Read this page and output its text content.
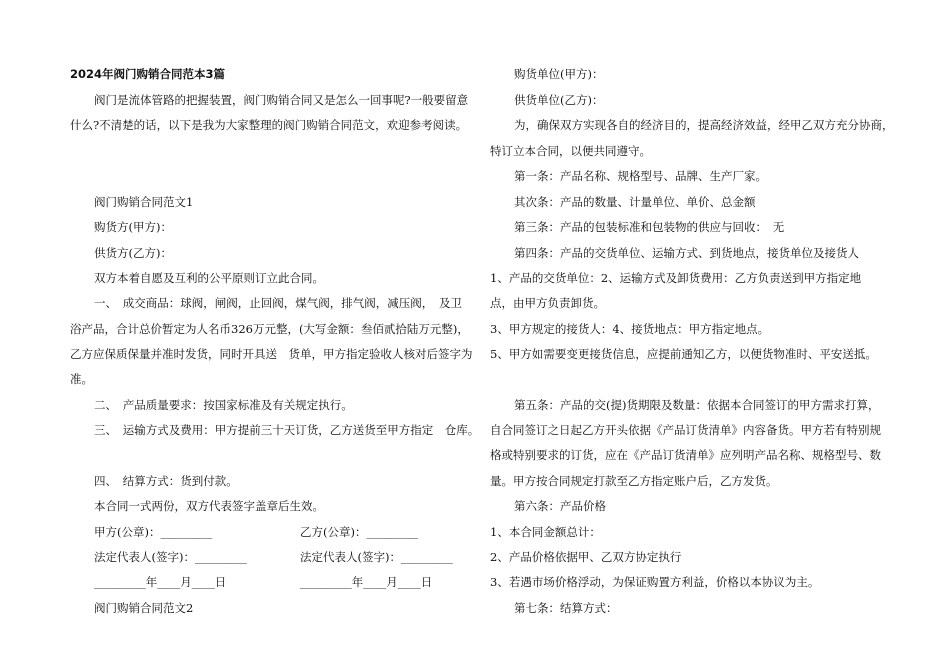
2024年阀门购销合同范本3篇
阀门是流体管路的把握装置，阀门购销合同又是怎么一回事呢?一般要留意
什么?不清楚的话，以下是我为大家整理的阀门购销合同范文，欢迎参考阅读。
阀门购销合同范文1
购货方(甲方)：
供货方(乙方)：
双方本着自愿及互利的公平原则订立此合同。
一、　成交商品：球阀，闸阀，止回阀，煤气阀，排气阀，减压阀，　及卫
浴产品，合计总价暂定为人名币326万元整，(大写金额：叁佰贰拾陆万元整)，
乙方应保质保量并准时发货，同时开具送　货单，甲方指定验收人核对后签字为
准。
二、　产品质量要求：按国家标准及有关规定执行。
三、　运输方式及费用：甲方提前三十天订货，乙方送货至甲方指定　仓库。
四、　结算方式：货到付款。
本合同一式两份，双方代表签字盖章后生效。
甲方(公章)：_________	乙方(公章)：_________
法定代表人(签字)：_________	法定代表人(签字)：_________
_________年____月____日	_________年____月____日
阀门购销合同范文2
购货单位(甲方)：
供货单位(乙方)：
为，确保双方实现各自的经济目的，提高经济效益，经甲乙双方充分协商，
特订立本合同，以便共同遵守。
第一条：产品名称、规格型号、品牌、生产厂家。
其次条：产品的数量、计量单位、单价、总金额
第三条：产品的包装标准和包装物的供应与回收：　无
第四条：产品的交货单位、运输方式、到货地点，接货单位及接货人
1、产品的交货单位：2、运输方式及卸货费用：乙方负责送到甲方指定地
点，由甲方负责卸货。
3、甲方规定的接货人：4、接货地点：甲方指定地点。
5、甲方如需要变更接货信息，应提前通知乙方，以便货物准时、平安送抵。
第五条：产品的交(提)货期限及数量：依据本合同签订的甲方需求打算，
自合同签订之日起乙方开头依据《产品订货清单》内容备货。甲方若有特别规
格或特别要求的订货，应在《产品订货清单》应列明产品名称、规格型号、数
量。甲方按合同规定打款至乙方指定账户后，乙方发货。
第六条：产品价格
1、本合同金额总计：
2、产品价格依据甲、乙双方协定执行
3、若遇市场价格浮动，为保证购置方利益，价格以本协议为主。
第七条：结算方式：
